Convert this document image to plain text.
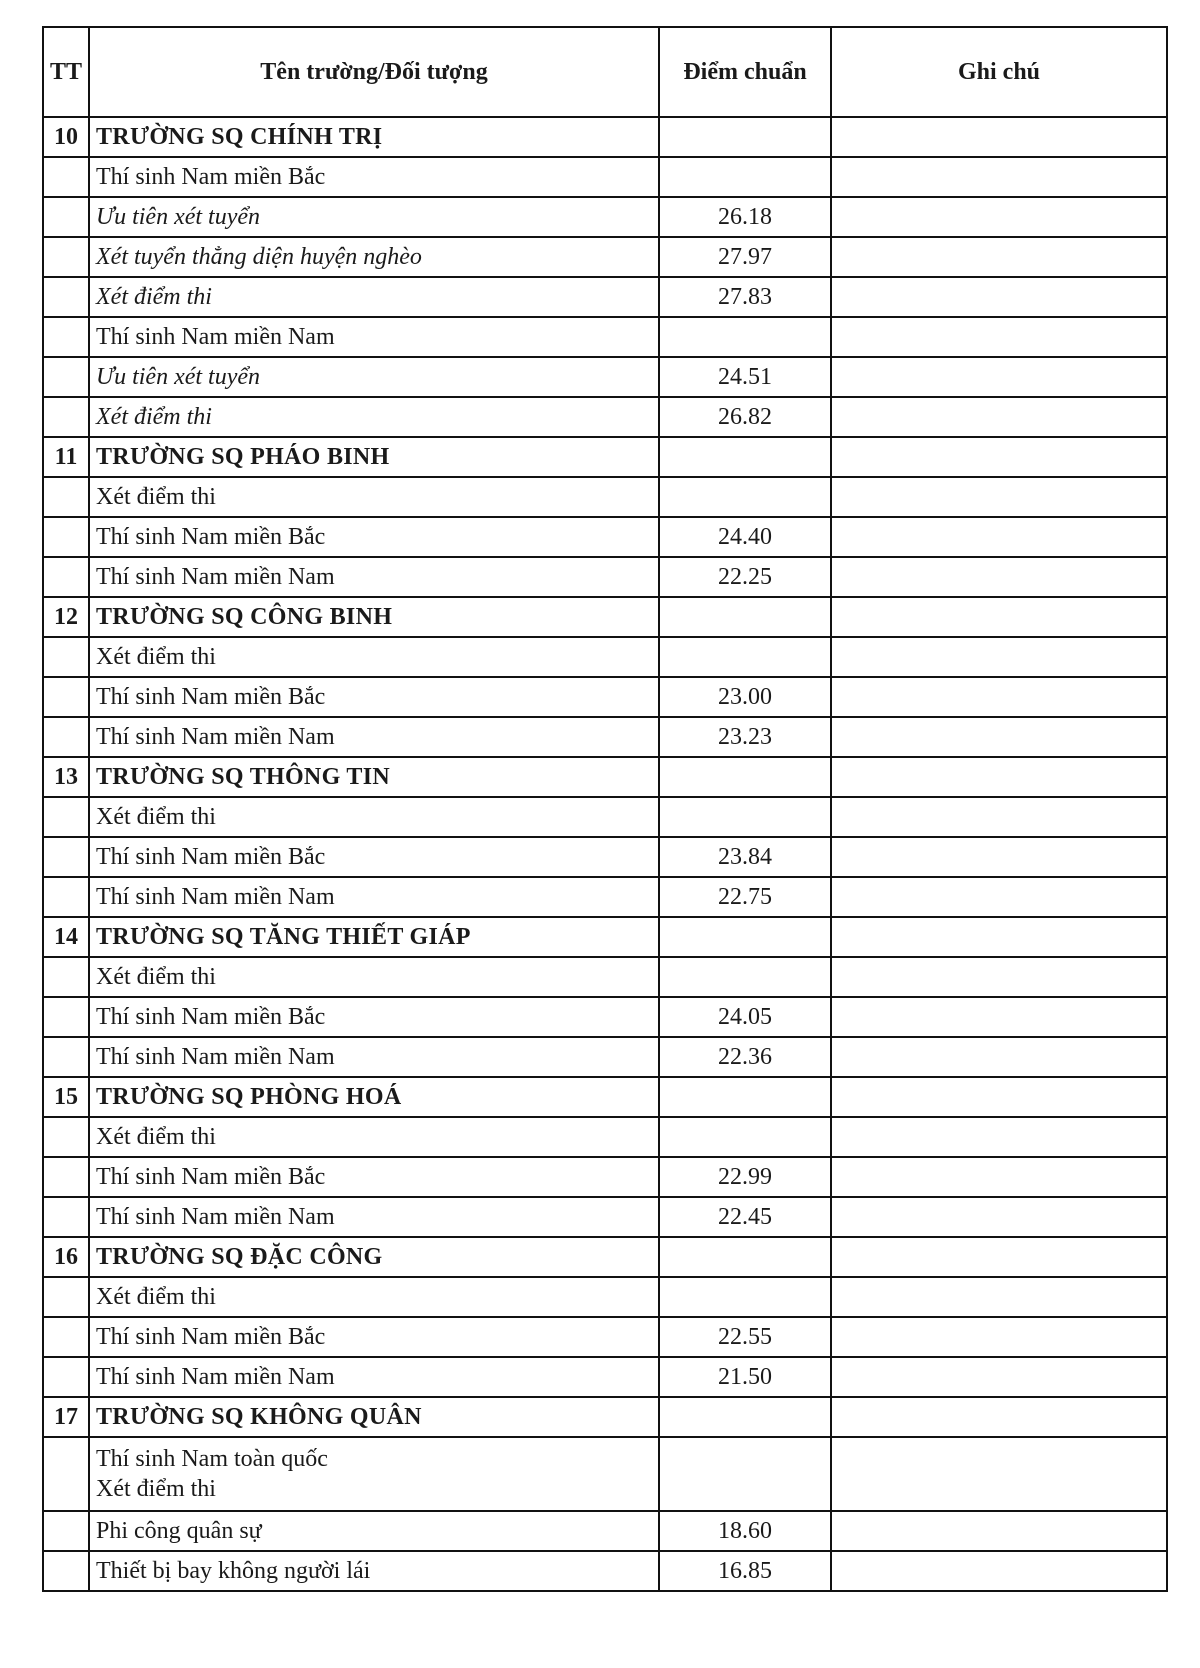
TT	Tên trường/Đối tượng	Điểm chuẩn	Ghi chú
10	TRƯỜNG SQ CHÍNH TRỊ		
	Thí sinh Nam miền Bắc		
	Ưu tiên xét tuyển	26.18	
	Xét tuyển thẳng diện huyện nghèo	27.97	
	Xét điểm thi	27.83	
	Thí sinh Nam miền Nam		
	Ưu tiên xét tuyển	24.51	
	Xét điểm thi	26.82	
11	TRƯỜNG SQ PHÁO BINH		
	Xét điểm thi		
	Thí sinh Nam miền Bắc	24.40	
	Thí sinh Nam miền Nam	22.25	
12	TRƯỜNG SQ CÔNG BINH		
	Xét điểm thi		
	Thí sinh Nam miền Bắc	23.00	
	Thí sinh Nam miền Nam	23.23	
13	TRƯỜNG SQ THÔNG TIN		
	Xét điểm thi		
	Thí sinh Nam miền Bắc	23.84	
	Thí sinh Nam miền Nam	22.75	
14	TRƯỜNG SQ TĂNG THIẾT GIÁP		
	Xét điểm thi		
	Thí sinh Nam miền Bắc	24.05	
	Thí sinh Nam miền Nam	22.36	
15	TRƯỜNG SQ PHÒNG HOÁ		
	Xét điểm thi		
	Thí sinh Nam miền Bắc	22.99	
	Thí sinh Nam miền Nam	22.45	
16	TRƯỜNG SQ ĐẶC CÔNG		
	Xét điểm thi		
	Thí sinh Nam miền Bắc	22.55	
	Thí sinh Nam miền Nam	21.50	
17	TRƯỜNG SQ KHÔNG QUÂN		

	Thí sinh Nam toàn quốc
Xét điểm thi		

	Phi công quân sự	18.60	
	Thiết bị bay không người lái	16.85	
